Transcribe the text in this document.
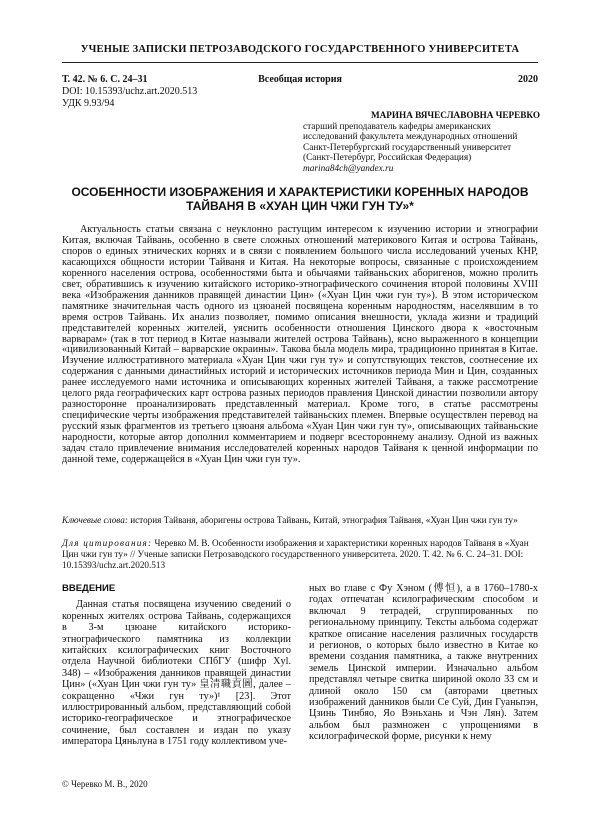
УЧЕНЫЕ ЗАПИСКИ ПЕТРОЗАВОДСКОГО ГОСУДАРСТВЕННОГО УНИВЕРСИТЕТА
Т. 42. № 6. С. 24–31	Всеобщая история	2020
DOI: 10.15393/uchz.art.2020.513
УДК 9.93/94
МАРИНА ВЯЧЕСЛАВОВНА ЧЕРЕВКО
старший преподаватель кафедры американских исследований факультета международных отношений Санкт-Петербургский государственный университет (Санкт-Петербург, Российская Федерация)
marina84ch@yandex.ru
ОСОБЕННОСТИ ИЗОБРАЖЕНИЯ И ХАРАКТЕРИСТИКИ КОРЕННЫХ НАРОДОВ ТАЙВАНЯ В «ХУАН ЦИН ЧЖИ ГУН ТУ»*
Актуальность статьи связана с неуклонно растущим интересом к изучению истории и этнографии Китая, включая Тайвань, особенно в свете сложных отношений материкового Китая и острова Тайвань, споров о единых этнических корнях и в связи с появлением большого числа исследований ученых КНР, касающихся общности истории Тайваня и Китая. На некоторые вопросы, связанные с происхождением коренного населения острова, особенностями быта и обычаями тайваньских аборигенов, можно пролить свет, обратившись к изучению китайского историко-этнографического сочинения второй половины XVIII века «Изображения данников правящей династии Цин» («Хуан Цин чжи гун ту»). В этом историческом памятнике значительная часть одного из цзюаней посвящена коренным народностям, населявшим в то время остров Тайвань. Их анализ позволяет, помимо описания внешности, уклада жизни и традиций представителей коренных жителей, уяснить особенности отношения Цинского двора к «восточным варварам» (так в тот период в Китае называли жителей острова Тайвань), ясно выраженного в концепции «цивилизованный Китай – варварские окраины». Такова была модель мира, традиционно принятая в Китае. Изучение иллюстративного материала «Хуан Цин чжи гун ту» и сопутствующих текстов, соотнесение их содержания с данными династийных историй и исторических источников периода Мин и Цин, созданных ранее исследуемого нами источника и описывающих коренных жителей Тайваня, а также рассмотрение целого ряда географических карт острова разных периодов правления Цинской династии позволили автору разносторонне проанализировать представленный материал. Кроме того, в статье рассмотрены специфические черты изображения представителей тайваньских племен. Впервые осуществлен перевод на русский язык фрагментов из третьего цзюаня альбома «Хуан Цин чжи гун ту», описывающих тайваньские народности, которые автор дополнил комментарием и подверг всестороннему анализу. Одной из важных задач стало привлечение внимания исследователей коренных народов Тайваня к ценной информации по данной теме, содержащейся в «Хуан Цин чжи гун ту».
Ключевые слова: история Тайваня, аборигены острова Тайвань, Китай, этнография Тайваня, «Хуан Цин чжи гун ту»
Для цитирования: Черевко М. В. Особенности изображения и характеристики коренных народов Тайваня в «Хуан Цин чжи гун ту» // Ученые записки Петрозаводского государственного университета. 2020. Т. 42. № 6. С. 24–31. DOI: 10.15393/uchz.art.2020.513
ВВЕДЕНИЕ
Данная статья посвящена изучению сведений о коренных жителях острова Тайвань, содержащихся в 3-м цзюане китайского историко-этнографического памятника из коллекции китайских ксилографических книг Восточного отдела Научной библиотеки СПбГУ (шифр Xyl. 348) – «Изображения данников правящей династии Цин» («Хуан Цин чжи гун ту» 皇清職貢圖, далее – сокращенно «Чжи гун ту»)¹ [23]. Этот иллюстрированный альбом, представляющий собой историко-географическое и этнографическое сочинение, был составлен и издан по указу императора Цяньлуна в 1751 году коллективом уче-
ных во главе с Фу Хэном (傅恒), а в 1760–1780-х годах отпечатан ксилографическим способом и включал 9 тетрадей, сгруппированных по региональному принципу. Тексты альбома содержат краткое описание населения различных государств и регионов, о которых было известно в Китае ко времени создания памятника, а также внутренних земель Цинской империи. Изначально альбом представлял четыре свитка шириной около 33 см и длиной около 150 см (авторами цветных изображений данников были Се Суй, Дин Гуаньпэн, Цзинь Тинбяо, Яо Вэньхань и Чэн Лян). Затем альбом был размножен с упрощениями в ксилографической форме, рисунки к нему
© Черевко М. В., 2020
